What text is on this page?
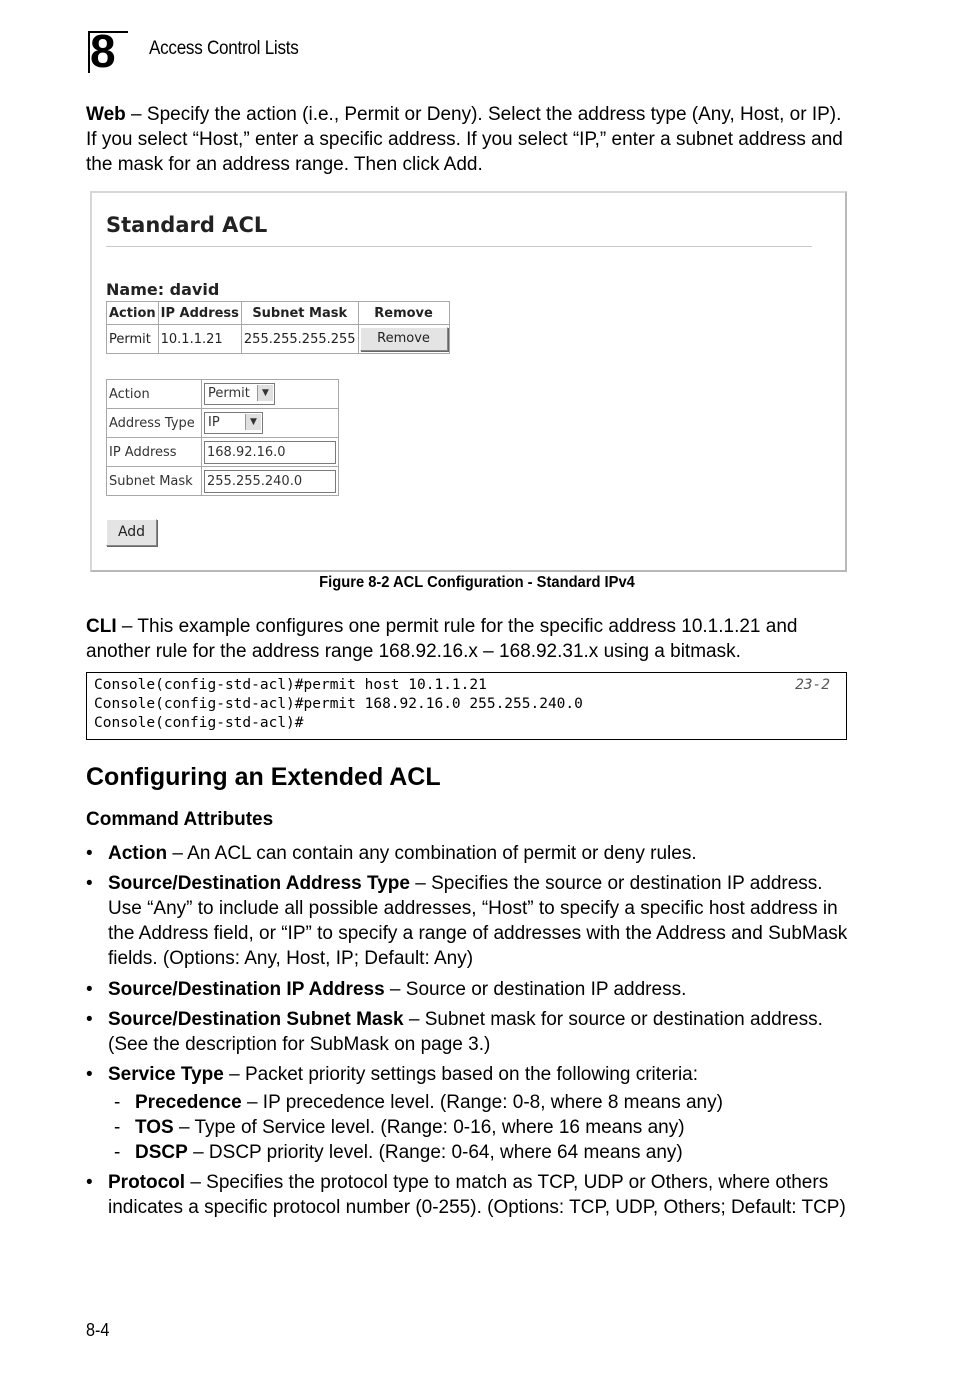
8 Access Control Lists
Web – Specify the action (i.e., Permit or Deny). Select the address type (Any, Host, or IP). If you select “Host,” enter a specific address. If you select “IP,” enter a subnet address and the mask for an address range. Then click Add.
Standard ACL
Name: david
Action	IP Address	Subnet Mask	Remove
Permit	10.1.1.21	255.255.255.255	Remove
Action	Permit ▼

Address Type	IP ▼

IP Address	168.92.16.0
Subnet Mask	255.255.240.0
Add
Figure 8-2 ACL Configuration - Standard IPv4
CLI – This example configures one permit rule for the specific address 10.1.1.21 and another rule for the address range 168.92.16.x – 168.92.31.x using a bitmask.
Console(config-std-acl)#permit host 10.1.1.21
Console(config-std-acl)#permit 168.92.16.0 255.255.240.0
Console(config-std-acl)#
23-2
Configuring an Extended ACL
Command Attributes
• Action – An ACL can contain any combination of permit or deny rules.
• Source/Destination Address Type – Specifies the source or destination IP address. Use “Any” to include all possible addresses, “Host” to specify a specific host address in the Address field, or “IP” to specify a range of addresses with the Address and SubMask fields. (Options: Any, Host, IP; Default: Any)
• Source/Destination IP Address – Source or destination IP address.
• Source/Destination Subnet Mask – Subnet mask for source or destination address. (See the description for SubMask on page 3.)
• Service Type – Packet priority settings based on the following criteria:
- Precedence – IP precedence level. (Range: 0-8, where 8 means any)
- TOS – Type of Service level. (Range: 0-16, where 16 means any)
- DSCP – DSCP priority level. (Range: 0-64, where 64 means any)
• Protocol – Specifies the protocol type to match as TCP, UDP or Others, where others indicates a specific protocol number (0-255). (Options: TCP, UDP, Others; Default: TCP)
8-4
